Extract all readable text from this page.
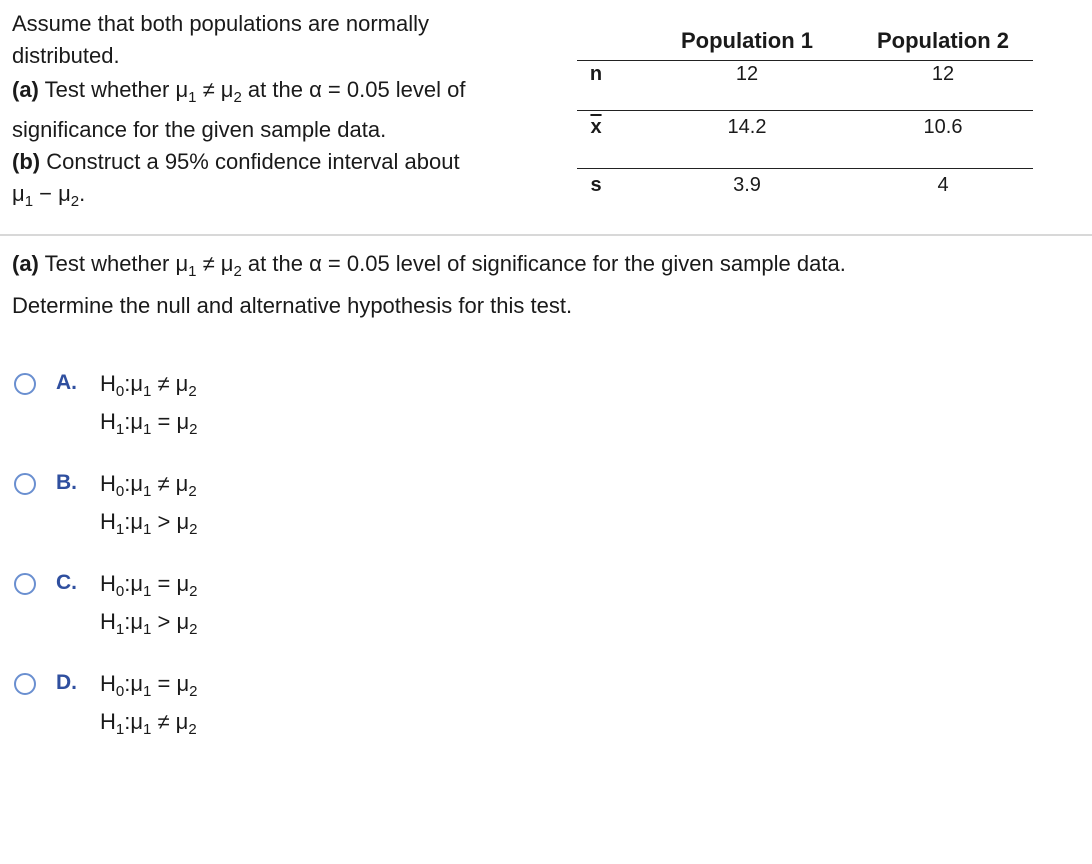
Assume that both populations are normally
distributed.
(a) Test whether $\mu_1 \ne \mu_2$ at the α = 0.05 level of
significance for the given sample data.
(b) Construct a 95% confidence interval about
$\mu_1 - \mu_2$.
Population 1	Population 2
n	12	12
$\overline{x}$	14.2	10.6
s	3.9	4
(a) Test whether $\mu_1 \ne \mu_2$ at the α = 0.05 level of significance for the given sample data.
Determine the null and alternative hypothesis for this test.
A. $H_0:\mu_1 \ne \mu_2$
$H_1:\mu_1 = \mu_2$
B. $H_0:\mu_1 \ne \mu_2$
$H_1:\mu_1 > \mu_2$
C. $H_0:\mu_1 = \mu_2$
$H_1:\mu_1 > \mu_2$
D. $H_0:\mu_1 = \mu_2$
$H_1:\mu_1 \ne \mu_2$
